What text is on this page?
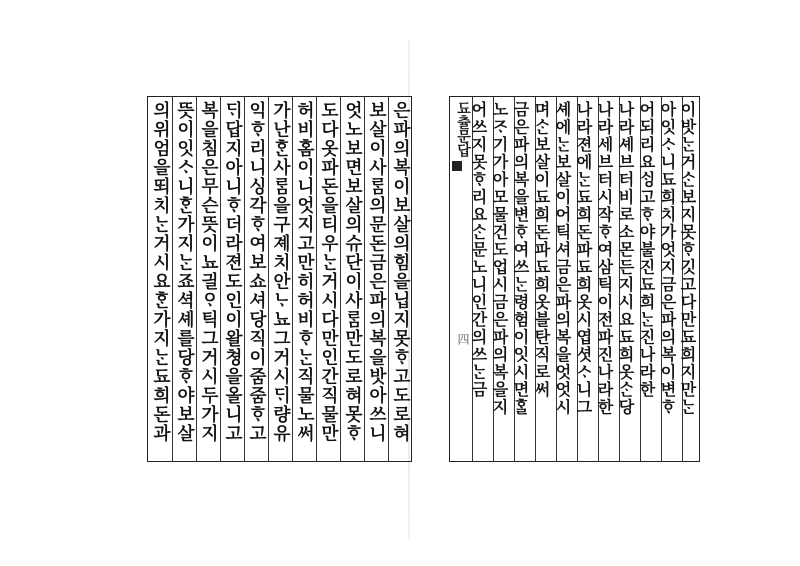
은파의복이보살의힘을닙지못ᄒᆞ고도로혀
보살이사ᄅᆞᆷ의문돈금은파의복을밧아쓰니
엇노보면보살의슈단이사ᄅᆞᆷ만도로혀못ᄒᆞ
도다옷파돈을티우ᄂᆞᆫ거시다만인간직물만
허비홈이니엇지고만히허비ᄒᆞᄂᆞᆫ직물노써
가난ᄒᆞᆫ사ᄅᆞᆷ을구졔치안ᄂᆞ뇨그거시ᄃᆡ량유
익ᄒᆞ리니싱각ᄒᆞ여보쇼셔당직이줌줌ᄒᆞ고
ᄃᆡ답지아니ᄒᆞ더라젼도인이왈쳥을올니고
복을침은무슨뜻이뇨긜ᄋᆞ틱그거시두가지
뜻이잇ᄉᆞ니ᄒᆞᆫ가지ᄂᆞᆫ죠셕셰를당ᄒᆞ야보살
의위엄을뙤치ᄂᆞᆫ거시요ᄒᆞᆫ가지ᄂᆞᆫ됴희돈과	이밧ᄂᆞᆫ거ᄉᆞᆫ보지못ᄒᆞ깃고다만됴희지만ᄂᆞᆫ
아잇ᄉᆞ니됴희치가엇지금은파의복이변ᄒᆞ
어되리요ᄉᆡᆼ고ᄒᆞ야불진됴희ᄂᆞᆫ진나라한
나라셰브터비로소몬든지시요됴희옷ᄉᆞᆫ당
나라세브터시작ᄒᆞ여삼틱이전파진나라한
나라젼에ᄂᆞᆫ됴희돈파됴희옷시엽셧ᄉᆞ니그
셰에ᄂᆞᆫ보살이어틱셔금은파의복을엇엇시
며ᄉᆞᆫ보살이됴희돈파됴희옷블탄직로써
금은파의복을변ᄒᆞ여쓰ᄂᆞᆫ령험이잇시면ᄒᆞᆯ
노ᄌᆞ기가아모물건도업시금은파의복을지
어쓰지못ᄒᆞ리요ᄉᆞᆫ문노니인간의쓰ᄂᆞᆫ금
됴츌문답
四
